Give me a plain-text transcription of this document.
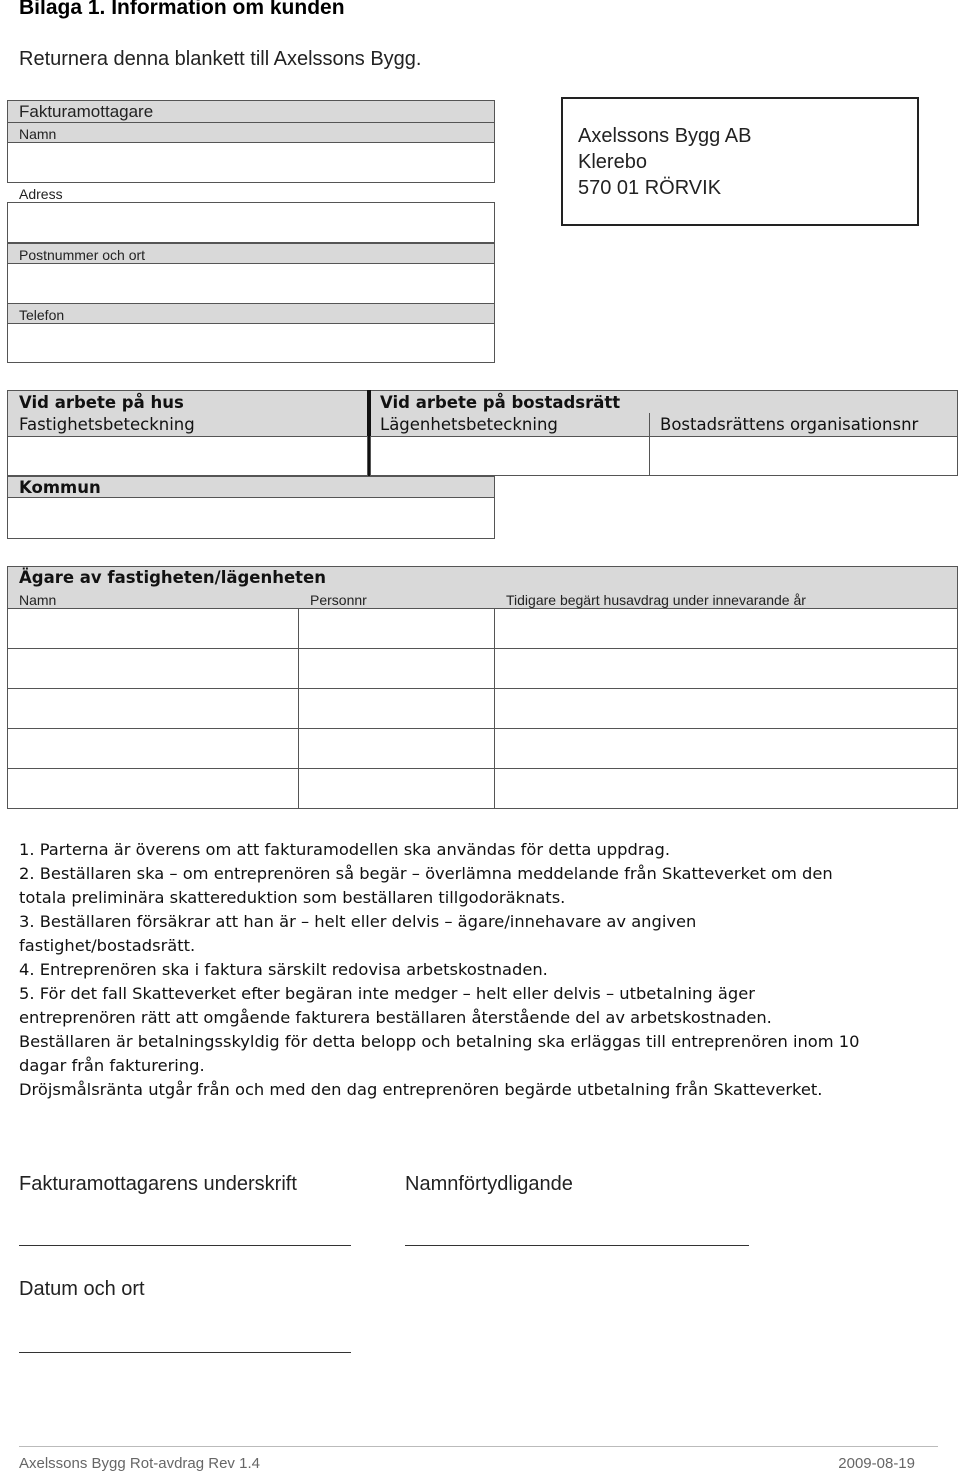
Bilaga 1. Information om kunden
Returnera denna blankett till Axelssons Bygg.
Fakturamottagare
Namn
Adress
Postnummer och ort
Telefon
Axelssons Bygg AB
Klerebo
570 01 RÖRVIK
Vid arbete på hus
Fastighetsbeteckning
Vid arbete på bostadsrätt
Lägenhetsbeteckning	Bostadsrättens organisationsnr
Kommun
Ägare av fastigheten/lägenheten
Namn	Personnr	Tidigare begärt husavdrag under innevarande år
1. Parterna är överens om att fakturamodellen ska användas för detta uppdrag.
2. Beställaren ska – om entreprenören så begär – överlämna meddelande från Skatteverket om den
totala preliminära skattereduktion som beställaren tillgodoräknats.
3. Beställaren försäkrar att han är – helt eller delvis – ägare/innehavare av angiven
fastighet/bostadsrätt.
4. Entreprenören ska i faktura särskilt redovisa arbetskostnaden.
5. För det fall Skatteverket efter begäran inte medger – helt eller delvis – utbetalning äger
entreprenören rätt att omgående fakturera beställaren återstående del av arbetskostnaden.
Beställaren är betalningsskyldig för detta belopp och betalning ska erläggas till entreprenören inom 10
dagar från fakturering.
Dröjsmålsränta utgår från och med den dag entreprenören begärde utbetalning från Skatteverket.
Fakturamottagarens underskrift	Namnförtydligande
Datum och ort
Axelssons Bygg Rot-avdrag Rev 1.4	2009-08-19
